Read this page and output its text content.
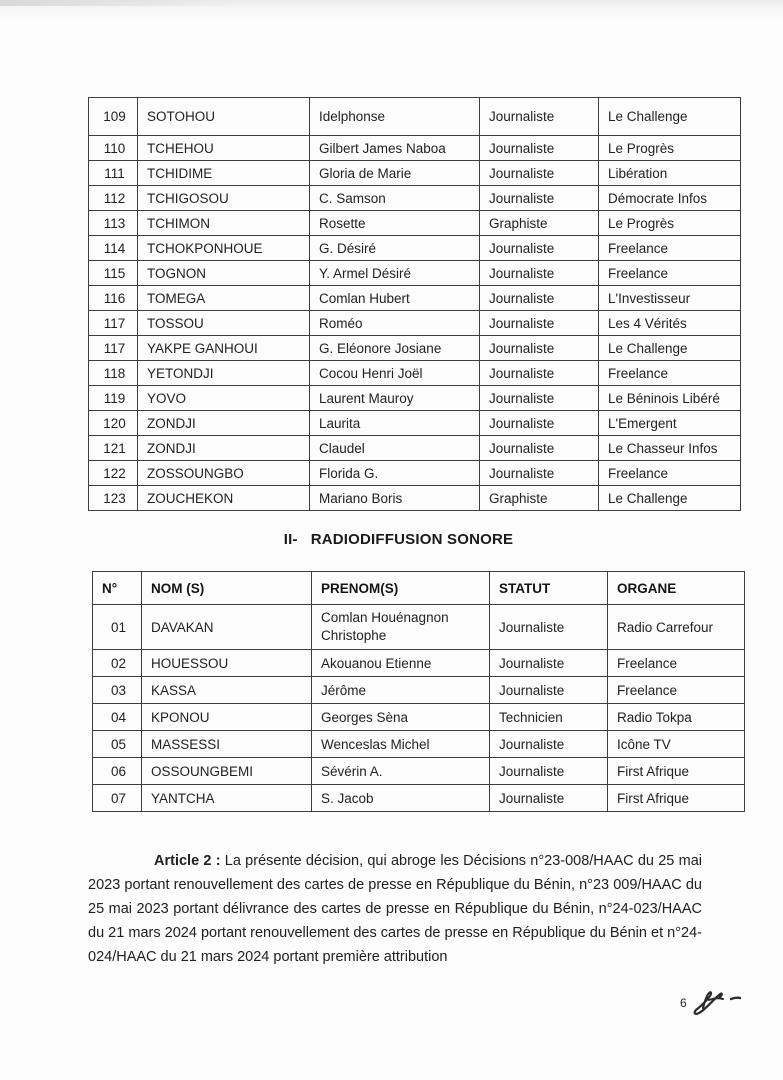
109	SOTOHOU	Idelphonse	Journaliste	Le Challenge
110	TCHEHOU	Gilbert James Naboa	Journaliste	Le Progrès
111	TCHIDIME	Gloria de Marie	Journaliste	Libération
112	TCHIGOSOU	C. Samson	Journaliste	Démocrate Infos
113	TCHIMON	Rosette	Graphiste	Le Progrès
114	TCHOKPONHOUE	G. Désiré	Journaliste	Freelance
115	TOGNON	Y. Armel Désiré	Journaliste	Freelance
116	TOMEGA	Comlan Hubert	Journaliste	L'Investisseur
117	TOSSOU	Roméo	Journaliste	Les 4 Vérités
117	YAKPE GANHOUI	G. Eléonore Josiane	Journaliste	Le Challenge
118	YETONDJI	Cocou Henri Joël	Journaliste	Freelance
119	YOVO	Laurent Mauroy	Journaliste	Le Béninois Libéré
120	ZONDJI	Laurita	Journaliste	L'Emergent
121	ZONDJI	Claudel	Journaliste	Le Chasseur Infos
122	ZOSSOUNGBO	Florida G.	Journaliste	Freelance
123	ZOUCHEKON	Mariano Boris	Graphiste	Le Challenge
II- RADIODIFFUSION SONORE
N°	NOM (S)	PRENOM(S)	STATUT	ORGANE
01	DAVAKAN	Comlan Houénagnon Christophe	Journaliste	Radio Carrefour
02	HOUESSOU	Akouanou Etienne	Journaliste	Freelance
03	KASSA	Jérôme	Journaliste	Freelance
04	KPONOU	Georges Sèna	Technicien	Radio Tokpa
05	MASSESSI	Wenceslas Michel	Journaliste	Icône TV
06	OSSOUNGBEMI	Sévérin A.	Journaliste	First Afrique
07	YANTCHA	S. Jacob	Journaliste	First Afrique

Article 2 : La présente décision, qui abroge les Décisions n°23-008/HAAC du 25 mai 2023 portant renouvellement des cartes de presse en République du Bénin, n°23 009/HAAC du 25 mai 2023 portant délivrance des cartes de presse en République du Bénin, n°24-023/HAAC du 21 mars 2024 portant renouvellement des cartes de presse en République du Bénin et n°24-024/HAAC du 21 mars 2024 portant première attribution

6
